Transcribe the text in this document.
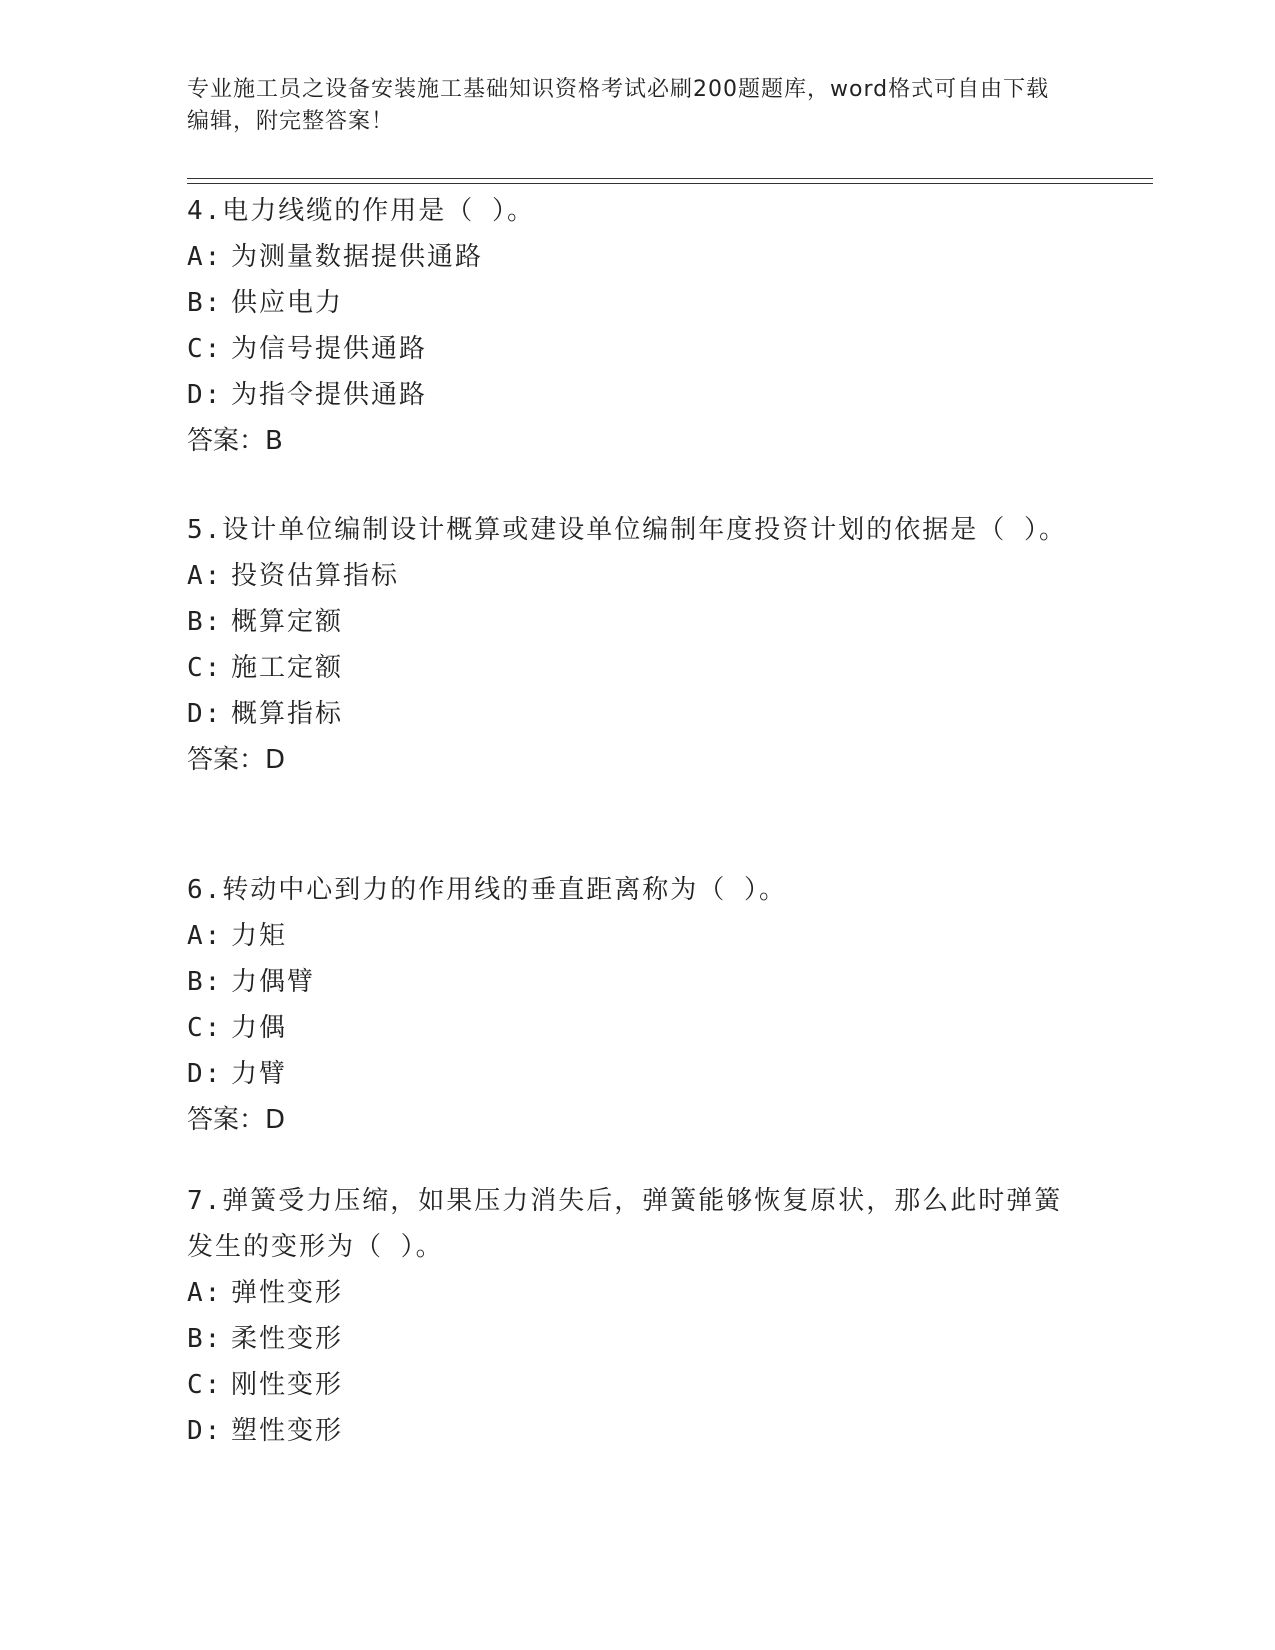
专业施工员之设备安装施工基础知识资格考试必刷200题题库，word格式可自由下载编辑，附完整答案！

4.电力线缆的作用是（ ）。

A: 为测量数据提供通路
B: 供应电力
C: 为信号提供通路
D: 为指令提供通路
答案：B

5.设计单位编制设计概算或建设单位编制年度投资计划的依据是（ ）。

A: 投资估算指标
B: 概算定额
C: 施工定额
D: 概算指标
答案：D

6.转动中心到力的作用线的垂直距离称为（ ）。

A: 力矩
B: 力偶臂
C: 力偶
D: 力臂
答案：D

7.弹簧受力压缩，如果压力消失后，弹簧能够恢复原状，那么此时弹簧发生的变形为（ ）。

A: 弹性变形
B: 柔性变形
C: 刚性变形
D: 塑性变形
